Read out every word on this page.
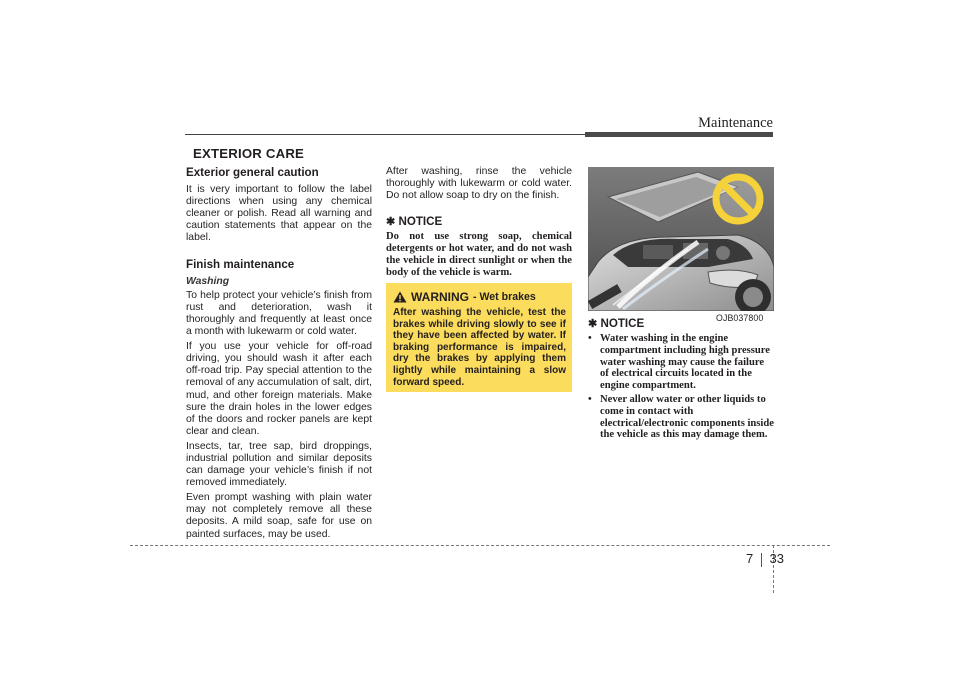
Maintenance
EXTERIOR CARE
Exterior general caution

It is very important to follow the label directions when using any chemical cleaner or polish. Read all warning and caution statements that appear on the label.

Finish maintenance
Washing

To help protect your vehicle’s finish from rust and deterioration, wash it thoroughly and frequently at least once a month with lukewarm or cold water.

If you use your vehicle for off-road driving, you should wash it after each off-road trip. Pay special attention to the removal of any accumulation of salt, dirt, mud, and other foreign materials. Make sure the drain holes in the lower edges of the doors and rocker panels are kept clear and clean.

Insects, tar, tree sap, bird droppings, industrial pollution and similar deposits can damage your vehicle’s finish if not removed immediately.

Even prompt washing with plain water may not completely remove all these deposits. A mild soap, safe for use on painted surfaces, may be used.

After washing, rinse the vehicle thoroughly with lukewarm or cold water. Do not allow soap to dry on the finish.

✱ NOTICE
Do not use strong soap, chemical detergents or hot water, and do not wash the vehicle in direct sunlight or when the body of the vehicle is warm.
WARNING - Wet brakes

After washing the vehicle, test the brakes while driving slowly to see if they have been affected by water. If braking performance is impaired, dry the brakes by applying them lightly while maintaining a slow forward speed.

OJB037800
✱ NOTICE
• Water washing in the engine compartment including high pressure water washing may cause the failure of electrical circuits located in the engine compartment.
• Never allow water or other liquids to come in contact with electrical/electronic components inside the vehicle as this may damage them.
7 33
